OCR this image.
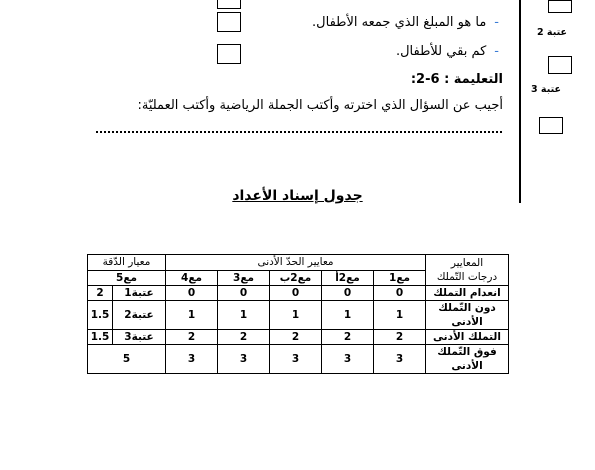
-ما هو المبلغ الذي جمعه الأطفال.
-كم بقي للأطفال.
عتبة 2
عتبة 3
التعليمة : 6-2:
أجيب عن السؤال الذي اخترته وأكتب الجملة الرياضية وأكتب العمليّة:
جدول إسناد الأعداد
المعايير
درجات التّملك	معايير الحدّ الأدنى					معيار الدّقة	
	مع1	مع2أ	مع2ب	مع3	مع4	مع5	
انعدام التملك	0	0	0	0	0	عتبة1	2
دون التّملك الأدنى	1	1	1	1	1	عتبة2	1.5
التملك الأدنى	2	2	2	2	2	عتبة3	1.5
فوق التّملك الأدنى	3	3	3	3	3	5	
